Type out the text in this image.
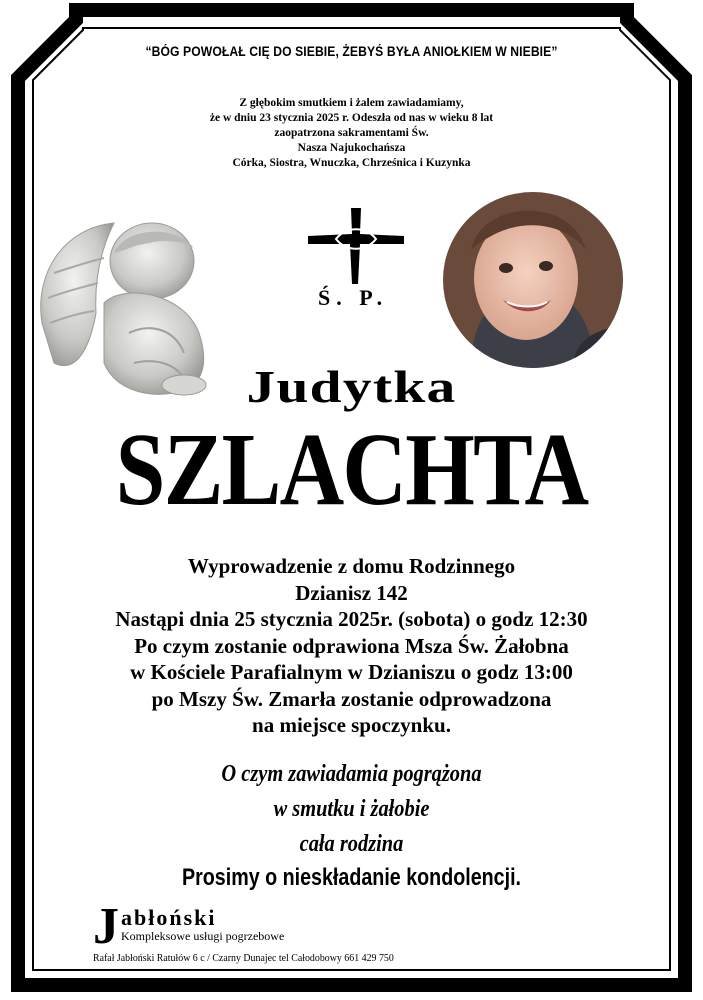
“BÓG POWOŁAŁ CIĘ DO SIEBIE, ŻEBYŚ BYŁA ANIOŁKIEM W NIEBIE”
Z głębokim smutkiem i żalem zawiadamiamy,
że w dniu 23 stycznia 2025 r. Odeszła od nas w wieku 8 lat
zaopatrzona sakramentami Św.
Nasza Najukochańsza
Córka, Siostra, Wnuczka, Chrześnica i Kuzynka
Ś. P.
Judytka
SZLACHTA
Wyprowadzenie z domu Rodzinnego
Dzianisz 142
Nastąpi dnia 25 stycznia 2025r. (sobota) o godz 12:30
Po czym zostanie odprawiona Msza Św. Żałobna
w Kościele Parafialnym w Dzianiszu o godz 13:00
po Mszy Św. Zmarła zostanie odprowadzona
na miejsce spoczynku.
O czym zawiadamia pogrążona
w smutku i żałobie
cała rodzina
Prosimy o nieskładanie kondolencji.
J abłoński
Kompleksowe usługi pogrzebowe
Rafał Jabłoński Ratułów 6 c / Czarny Dunajec tel Całodobowy 661 429 750
